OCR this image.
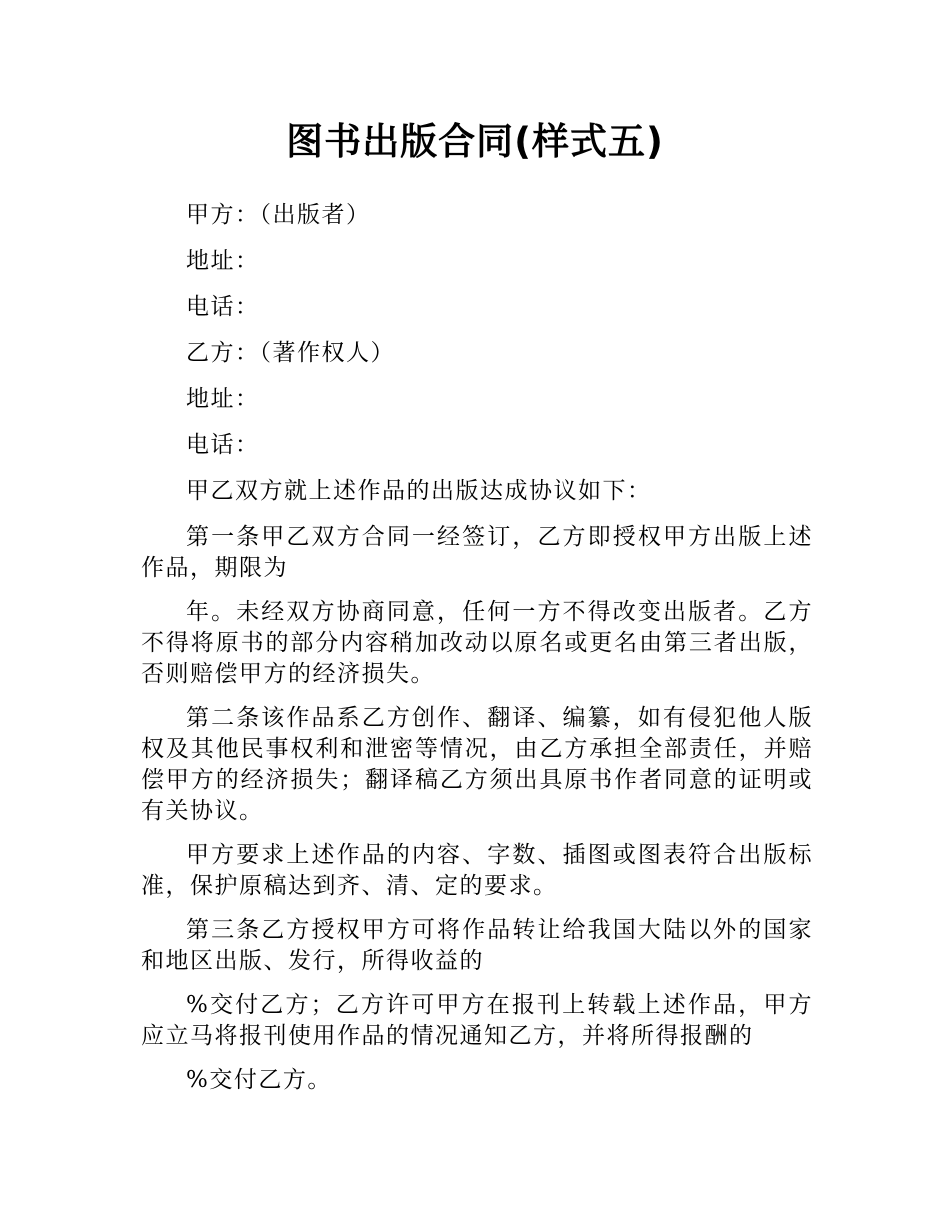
图书出版合同(样式五)

甲方：（出版者）

地址：

电话：

乙方：（著作权人）

地址：

电话：

甲乙双方就上述作品的出版达成协议如下：

第一条甲乙双方合同一经签订，乙方即授权甲方出版上述作品，期限为

年。未经双方协商同意，任何一方不得改变出版者。乙方不得将原书的部分内容稍加改动以原名或更名由第三者出版，否则赔偿甲方的经济损失。

第二条该作品系乙方创作、翻译、编纂，如有侵犯他人版权及其他民事权利和泄密等情况，由乙方承担全部责任，并赔偿甲方的经济损失；翻译稿乙方须出具原书作者同意的证明或有关协议。

甲方要求上述作品的内容、字数、插图或图表符合出版标准，保护原稿达到齐、清、定的要求。

第三条乙方授权甲方可将作品转让给我国大陆以外的国家和地区出版、发行，所得收益的

%交付乙方；乙方许可甲方在报刊上转载上述作品，甲方应立马将报刊使用作品的情况通知乙方，并将所得报酬的

%交付乙方。
